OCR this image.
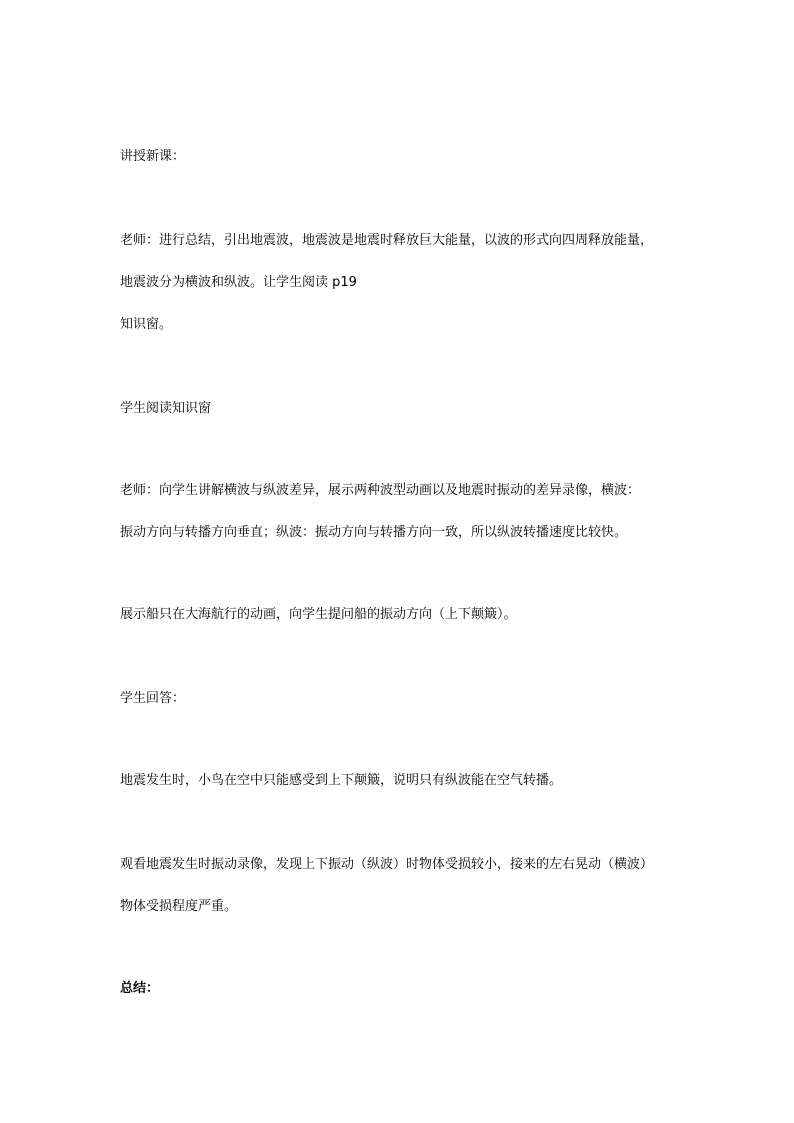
讲授新课：
老师：进行总结，引出地震波，地震波是地震时释放巨大能量，以波的形式向四周释放能量，
地震波分为横波和纵波。让学生阅读 p19
知识窗。
学生阅读知识窗
老师：向学生讲解横波与纵波差异，展示两种波型动画以及地震时振动的差异录像，横波：
振动方向与转播方向垂直；纵波：振动方向与转播方向一致，所以纵波转播速度比较快。
展示船只在大海航行的动画，向学生提问船的振动方向（上下颠簸）。
学生回答：
地震发生时，小鸟在空中只能感受到上下颠簸，说明只有纵波能在空气转播。
观看地震发生时振动录像，发现上下振动（纵波）时物体受损较小，接来的左右晃动（横波）
物体受损程度严重。
总结：
